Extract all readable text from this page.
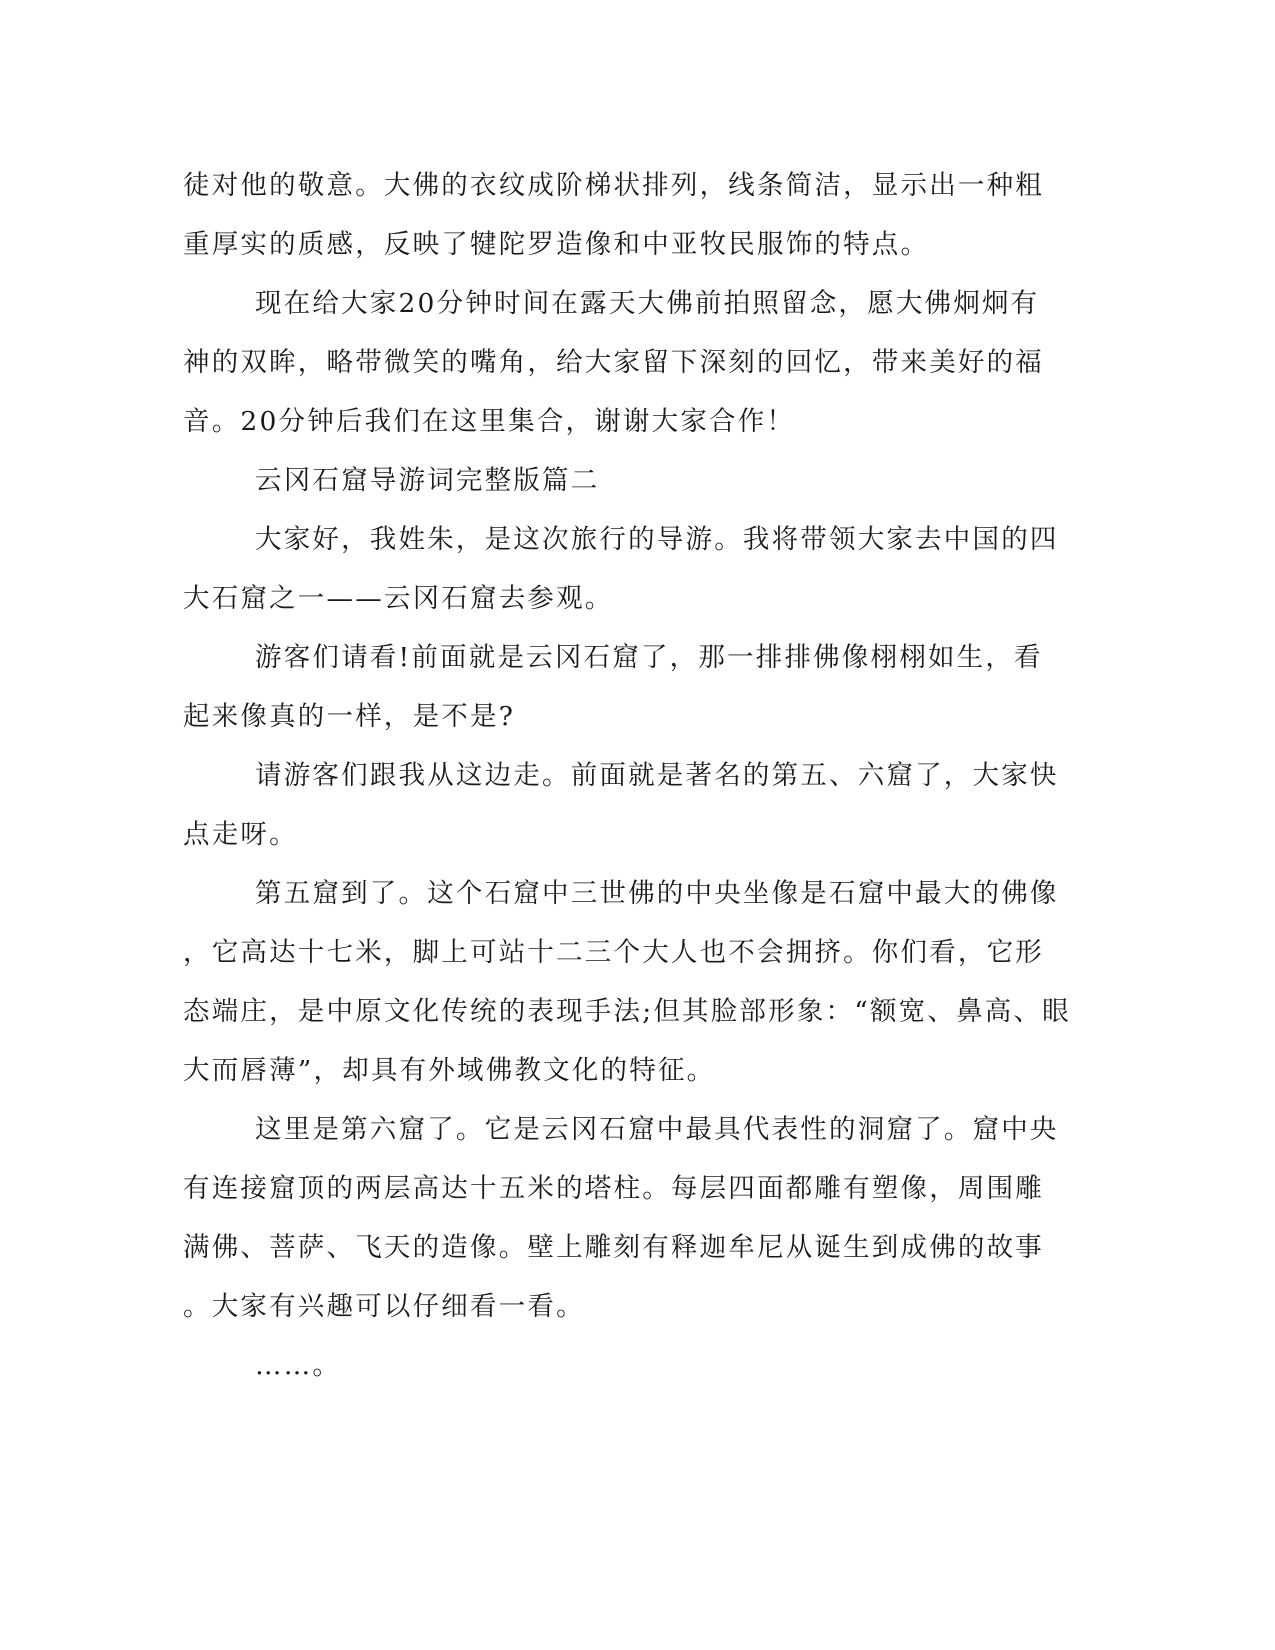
徒对他的敬意。大佛的衣纹成阶梯状排列，线条简洁，显示出一种粗
重厚实的质感，反映了犍陀罗造像和中亚牧民服饰的特点。
现在给大家20分钟时间在露天大佛前拍照留念，愿大佛炯炯有
神的双眸，略带微笑的嘴角，给大家留下深刻的回忆，带来美好的福
音。20分钟后我们在这里集合，谢谢大家合作！
云冈石窟导游词完整版篇二
大家好，我姓朱，是这次旅行的导游。我将带领大家去中国的四
大石窟之一——云冈石窟去参观。
游客们请看!前面就是云冈石窟了，那一排排佛像栩栩如生，看
起来像真的一样，是不是?
请游客们跟我从这边走。前面就是著名的第五、六窟了，大家快
点走呀。
第五窟到了。这个石窟中三世佛的中央坐像是石窟中最大的佛像
，它高达十七米，脚上可站十二三个大人也不会拥挤。你们看，它形
态端庄，是中原文化传统的表现手法;但其脸部形象：“额宽、鼻高、眼
大而唇薄”，却具有外域佛教文化的特征。
这里是第六窟了。它是云冈石窟中最具代表性的洞窟了。窟中央
有连接窟顶的两层高达十五米的塔柱。每层四面都雕有塑像，周围雕
满佛、菩萨、飞天的造像。壁上雕刻有释迦牟尼从诞生到成佛的故事
。大家有兴趣可以仔细看一看。
……。
